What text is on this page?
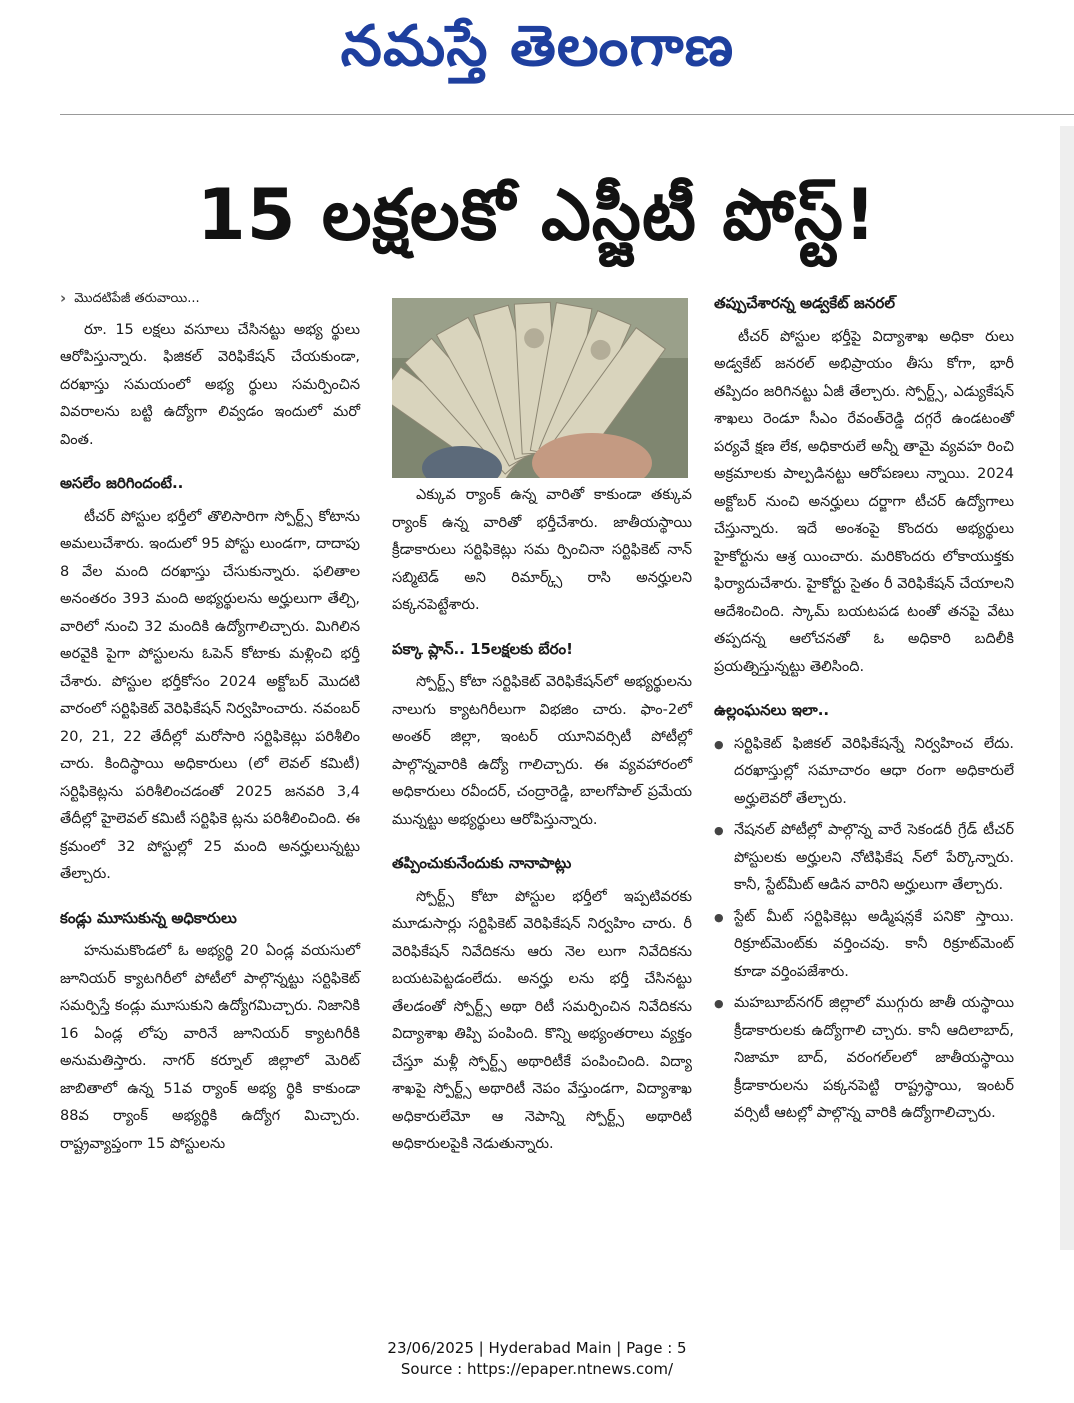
నమస్తే తెలంగాణ
15 లక్షలకో ఎస్జీటీ పోస్ట్!
› మొదటిపేజీ తరువాయి...

రూ. 15 లక్షలు వసూలు చేసినట్టు అభ్య ర్థులు ఆరోపిస్తున్నారు. ఫిజికల్ వెరిఫికేషన్ చేయకుండా, దరఖాస్తు సమయంలో అభ్య ర్థులు సమర్పించిన వివరాలను బట్టి ఉద్యోగా లివ్వడం ఇందులో మరో వింత.

అసలేం జరిగిందంటే..

టీచర్ పోస్టుల భర్తీలో తొలిసారిగా స్పోర్ట్స్ కోటాను అమలుచేశారు. ఇందులో 95 పోస్టు లుండగా, దాదాపు 8 వేల మంది దరఖాస్తు చేసుకున్నారు. ఫలితాల అనంతరం 393 మంది అభ్యర్థులను అర్హులుగా తేల్చి, వారిలో నుంచి 32 మందికి ఉద్యోగాలిచ్చారు. మిగిలిన అరవైకి పైగా పోస్టులను ఓపెన్ కోటాకు మళ్లించి భర్తీ చేశారు. పోస్టుల భర్తీకోసం 2024 అక్టోబర్ మొదటి వారంలో సర్టిఫికెట్ వెరిఫికేషన్ నిర్వహించారు. నవంబర్ 20, 21, 22 తేదీల్లో మరోసారి సర్టిఫికెట్లు పరిశీలిం చారు. కిందిస్థాయి అధికారులు (లో లెవల్ కమిటీ) సర్టిఫికెట్లను పరిశీలించడంతో 2025 జనవరి 3,4 తేదీల్లో హైలెవల్ కమిటీ సర్టిఫికె ట్లను పరిశీలించింది. ఈ క్రమంలో 32 పోస్టుల్లో 25 మంది అనర్హులున్నట్టు తేల్చారు.

కండ్లు మూసుకున్న అధికారులు

హనుమకొండలో ఓ అభ్యర్థి 20 ఏండ్ల వయసులో జూనియర్ క్యాటగిరీలో పోటీలో పాల్గొన్నట్టు సర్టిఫికెట్ సమర్పిస్తే కండ్లు మూసుకుని ఉద్యోగమిచ్చారు. నిజానికి 16 ఏండ్ల లోపు వారినే జూనియర్ క్యాటగిరీకి అనుమతిస్తారు. నాగర్ కర్నూల్ జిల్లాలో మెరిట్ జాబితాలో ఉన్న 51వ ర్యాంక్ అభ్య ర్థికి కాకుండా 88వ ర్యాంక్ అభ్యర్థికి ఉద్యోగ మిచ్చారు. రాష్ట్రవ్యాప్తంగా 15 పోస్టులను

ఎక్కువ ర్యాంక్ ఉన్న వారితో కాకుండా తక్కువ ర్యాంక్ ఉన్న వారితో భర్తీచేశారు. జాతీయస్థాయి క్రీడాకారులు సర్టిఫికెట్లు సమ ర్పించినా సర్టిఫికెట్ నాన్ సబ్మిటెడ్ అని రిమార్క్స్ రాసి అనర్హులని పక్కనపెట్టేశారు.

పక్కా ప్లాన్.. 15లక్షలకు బేరం!

స్పోర్ట్స్ కోటా సర్టిఫికెట్ వెరిఫికేషన్‌లో అభ్యర్థులను నాలుగు క్యాటగిరీలుగా విభజిం చారు. ఫాం-2లో అంతర్ జిల్లా, ఇంటర్ యూనివర్సిటీ పోటీల్లో పాల్గొన్నవారికి ఉద్యో గాలిచ్చారు. ఈ వ్యవహారంలో అధికారులు రవీందర్, చంద్రారెడ్డి, బాలగోపాల్ ప్రమేయ మున్నట్టు అభ్యర్థులు ఆరోపిస్తున్నారు.

తప్పించుకునేందుకు నానాపాట్లు

స్పోర్ట్స్ కోటా పోస్టుల భర్తీలో ఇప్పటివరకు మూడుసార్లు సర్టిఫికెట్ వెరిఫికేషన్ నిర్వహిం చారు. రీ వెరిఫికేషన్ నివేదికను ఆరు నెల లుగా నివేదికను బయటపెట్టడంలేదు. అనర్హు లను భర్తీ చేసినట్టు తేలడంతో స్పోర్ట్స్ అథా రిటీ సమర్పించిన నివేదికను విద్యాశాఖ తిప్పి పంపింది. కొన్ని అభ్యంతరాలు వ్యక్తం చేస్తూ మళ్లీ స్పోర్ట్స్ అథారిటీకే పంపించింది. విద్యా శాఖపై స్పోర్ట్స్ అథారిటీ నెపం వేస్తుండగా, విద్యాశాఖ అధికారులేమో ఆ నెపాన్ని స్పోర్ట్స్ అథారిటీ అధికారులపైకి నెడుతున్నారు.

తప్పుచేశారన్న అడ్వకేట్ జనరల్

టీచర్ పోస్టుల భర్తీపై విద్యాశాఖ అధికా రులు అడ్వకేట్ జనరల్ అభిప్రాయం తీసు కోగా, భారీ తప్పిదం జరిగినట్టు ఏజీ తేల్చారు. స్పోర్ట్స్, ఎడ్యుకేషన్ శాఖలు రెండూ సీఎం రేవంత్‌రెడ్డి దగ్గరే ఉండటంతో పర్యవే క్షణ లేక, అధికారులే అన్నీ తామై వ్యవహ రించి అక్రమాలకు పాల్పడినట్టు ఆరోపణలు న్నాయి. 2024 అక్టోబర్ నుంచి అనర్హులు దర్జాగా టీచర్ ఉద్యోగాలు చేస్తున్నారు. ఇదే అంశంపై కొందరు అభ్యర్థులు హైకోర్టును ఆశ్ర యించారు. మరికొందరు లోకాయుక్తకు ఫిర్యాదుచేశారు. హైకోర్టు సైతం రీ వెరిఫికేషన్ చేయాలని ఆదేశించింది. స్కామ్ బయటపడ టంతో తనపై వేటు తప్పదన్న ఆలోచనతో ఓ అధికారి బదిలీకి ప్రయత్నిస్తున్నట్టు తెలిసింది.

ఉల్లంఘనలు ఇలా..
● సర్టిఫికెట్ ఫిజికల్ వెరిఫికేషన్నే నిర్వహించ లేదు. దరఖాస్తుల్లో సమాచారం ఆధా రంగా అధికారులే అర్హులెవరో తేల్చారు.
● నేషనల్ పోటీల్లో పాల్గొన్న వారే సెకండరీ గ్రేడ్ టీచర్ పోస్టులకు అర్హులని నోటిఫికేష న్‌లో పేర్కొన్నారు. కానీ, స్టేట్‌మీట్ ఆడిన వారిని అర్హులుగా తేల్చారు.
● స్టేట్ మీట్ సర్టిఫికెట్లు అడ్మిషన్లకే పనికొ స్తాయి. రిక్రూట్‌మెంట్‌కు వర్తించవు. కానీ రిక్రూట్‌మెంట్ కూడా వర్తింపజేశారు.
● మహబూబ్‌నగర్ జిల్లాలో ముగ్గురు జాతీ యస్థాయి క్రీడాకారులకు ఉద్యోగాలి చ్చారు. కానీ ఆదిలాబాద్, నిజామా బాద్, వరంగల్‌లలో జాతీయస్థాయి క్రీడాకారులను పక్కనపెట్టి రాష్ట్రస్థాయి, ఇంటర్ వర్సిటీ ఆటల్లో పాల్గొన్న వారికి ఉద్యోగాలిచ్చారు.
23/06/2025 | Hyderabad Main | Page : 5
Source : https://epaper.ntnews.com/
